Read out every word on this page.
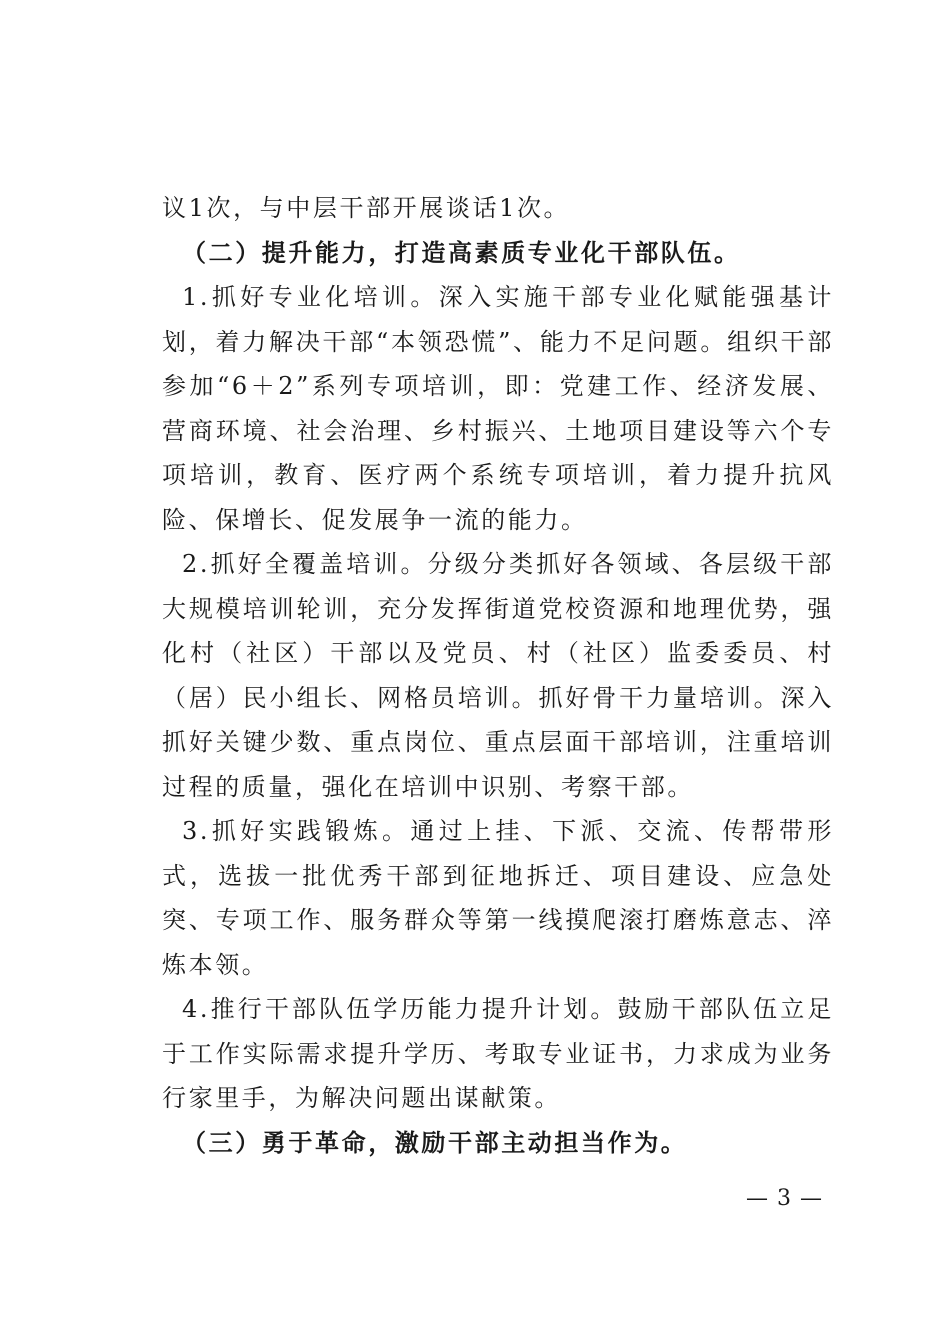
议1次，与中层干部开展谈话1次。

（二）提升能力，打造高素质专业化干部队伍。

1.抓好专业化培训。深入实施干部专业化赋能强基计划，着力解决干部“本领恐慌”、能力不足问题。组织干部参加“6＋2”系列专项培训，即：党建工作、经济发展、营商环境、社会治理、乡村振兴、土地项目建设等六个专项培训，教育、医疗两个系统专项培训，着力提升抗风险、保增长、促发展争一流的能力。

2.抓好全覆盖培训。分级分类抓好各领域、各层级干部大规模培训轮训，充分发挥街道党校资源和地理优势，强化村（社区）干部以及党员、村（社区）监委委员、村（居）民小组长、网格员培训。抓好骨干力量培训。深入抓好关键少数、重点岗位、重点层面干部培训，注重培训过程的质量，强化在培训中识别、考察干部。

3.抓好实践锻炼。通过上挂、下派、交流、传帮带形式，选拔一批优秀干部到征地拆迁、项目建设、应急处突、专项工作、服务群众等第一线摸爬滚打磨炼意志、淬炼本领。

4.推行干部队伍学历能力提升计划。鼓励干部队伍立足于工作实际需求提升学历、考取专业证书，力求成为业务行家里手，为解决问题出谋献策。

（三）勇于革命，激励干部主动担当作为。

— 3 —
